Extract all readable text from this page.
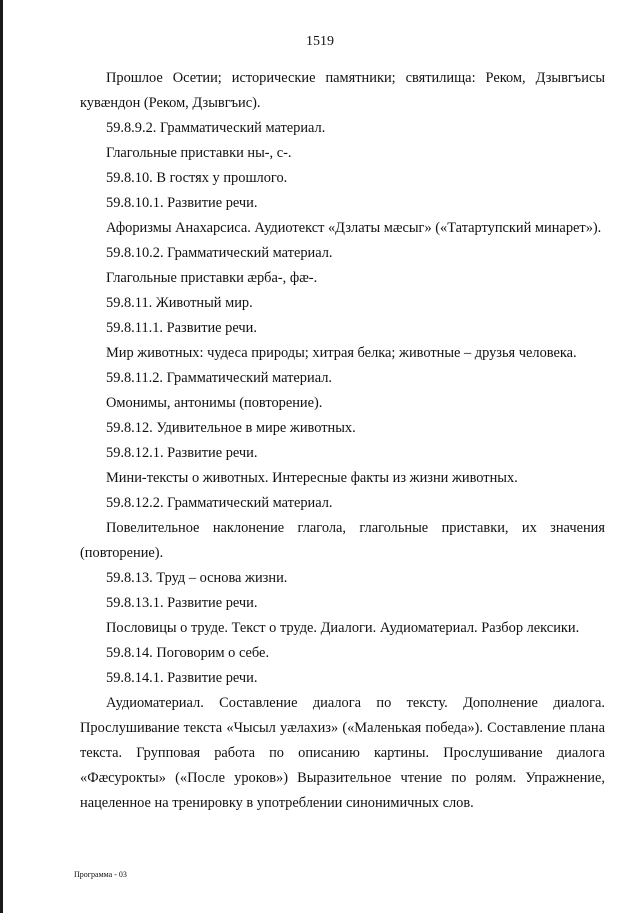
1519

Прошлое Осетии; исторические памятники; святилища: Реком, Дзывгъисы кувæндон (Реком, Дзывгъис).

59.8.9.2. Грамматический материал.

Глагольные приставки ны-, с-.

59.8.10. В гостях у прошлого.

59.8.10.1. Развитие речи.

Афоризмы Анахарсиса. Аудиотекст «Дзлаты мæсыг» («Татартупский минарет»).

59.8.10.2. Грамматический материал.

Глагольные приставки æрба-, фæ-.

59.8.11. Животный мир.

59.8.11.1. Развитие речи.

Мир животных: чудеса природы; хитрая белка; животные – друзья человека.

59.8.11.2. Грамматический материал.

Омонимы, антонимы (повторение).

59.8.12. Удивительное в мире животных.

59.8.12.1. Развитие речи.

Мини-тексты о животных. Интересные факты из жизни животных.

59.8.12.2. Грамматический материал.

Повелительное наклонение глагола, глагольные приставки, их значения (повторение).

59.8.13. Труд – основа жизни.

59.8.13.1. Развитие речи.

Пословицы о труде. Текст о труде. Диалоги. Аудиоматериал. Разбор лексики.

59.8.14. Поговорим о себе.

59.8.14.1. Развитие речи.

Аудиоматериал. Составление диалога по тексту. Дополнение диалога. Прослушивание текста «Чысыл уæлахиз» («Маленькая победа»). Составление плана текста. Групповая работа по описанию картины. Прослушивание диалога «Фæсурокты» («После уроков») Выразительное чтение по ролям. Упражнение, нацеленное на тренировку в употреблении синонимичных слов.

Программа - 03
